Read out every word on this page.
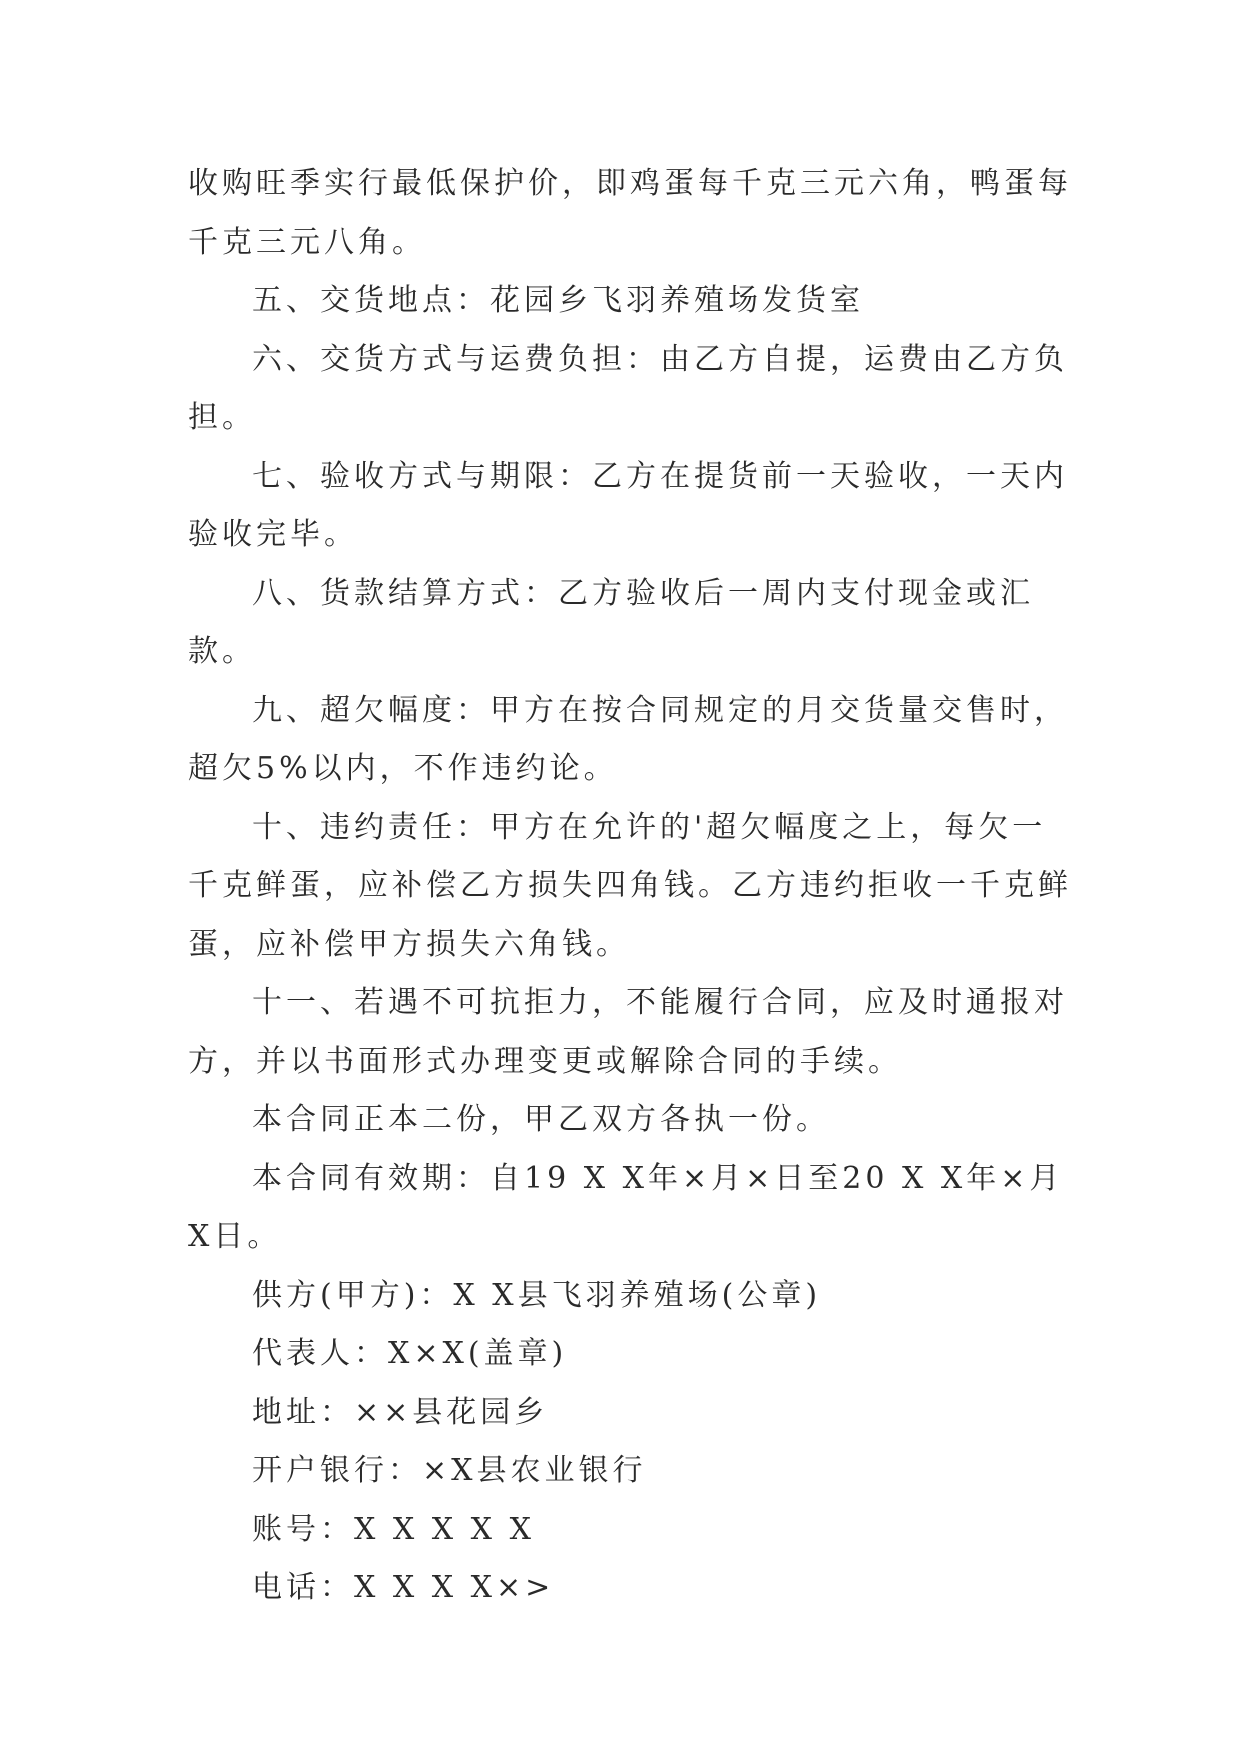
收购旺季实行最低保护价，即鸡蛋每千克三元六角，鸭蛋每千克三元八角。

五、交货地点：花园乡飞羽养殖场发货室

六、交货方式与运费负担：由乙方自提，运费由乙方负担。

七、验收方式与期限：乙方在提货前一天验收，一天内验收完毕。

八、货款结算方式：乙方验收后一周内支付现金或汇款。

九、超欠幅度：甲方在按合同规定的月交货量交售时，超欠5%以内，不作违约论。

十、违约责任：甲方在允许的'超欠幅度之上，每欠一千克鲜蛋，应补偿乙方损失四角钱。乙方违约拒收一千克鲜蛋，应补偿甲方损失六角钱。

十一、若遇不可抗拒力，不能履行合同，应及时通报对方，并以书面形式办理变更或解除合同的手续。

本合同正本二份，甲乙双方各执一份。

本合同有效期：自19 X X年×月×日至20 X X年×月X日。

供方(甲方)：X X县飞羽养殖场(公章)

代表人：X×X(盖章)

地址：××县花园乡

开户银行：×X县农业银行

账号：X X X X X

电话：X X X X×>
